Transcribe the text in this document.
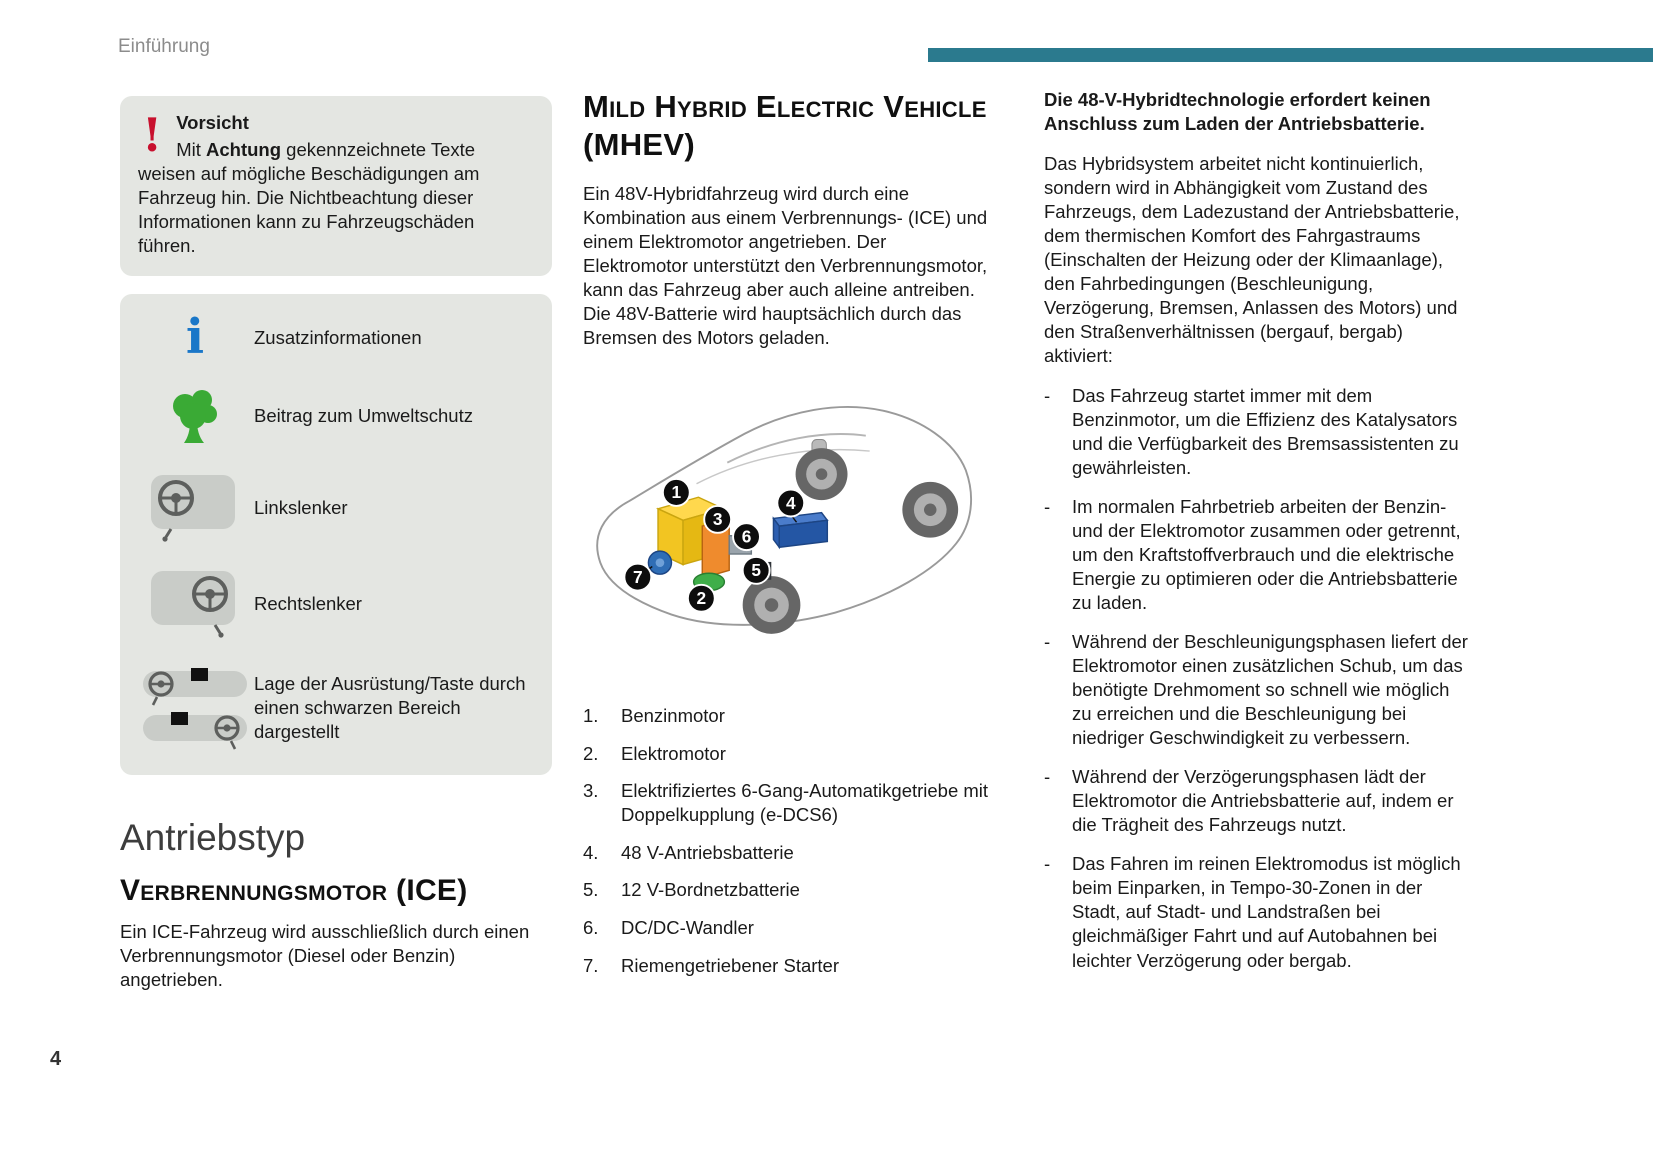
Einführung
!
Vorsicht

Mit Achtung gekennzeichnete Texte weisen auf mögliche Beschädigungen am Fahrzeug hin. Die Nichtbeachtung dieser Informationen kann zu Fahrzeugschäden führen.

i
Zusatzinformationen
Beitrag zum Umweltschutz
Linkslenker
Rechtslenker
Lage der Ausrüstung/Taste durch einen schwarzen Bereich dargestellt
Antriebstyp
Verbrennungsmotor (ICE)

Ein ICE-Fahrzeug wird ausschließlich durch einen Verbrennungsmotor (Diesel oder Benzin) angetrieben.

Mild Hybrid Electric Vehicle (MHEV)

Ein 48V-Hybridfahrzeug wird durch eine Kombination aus einem Verbrennungs- (ICE) und einem Elektromotor angetrieben. Der Elektromotor unterstützt den Verbrennungsmotor, kann das Fahrzeug aber auch alleine antreiben.

Die 48V-Batterie wird hauptsächlich durch das Bremsen des Motors geladen.

1
3
6
4
5
7
2
1.	Benzinmotor
2.	Elektromotor
3.	Elektrifiziertes 6-Gang-Automatikgetriebe mit Doppelkupplung (e-DCS6)
4.	48 V-Antriebsbatterie
5.	12 V-Bordnetzbatterie
6.	DC/DC-Wandler
7.	Riemengetriebener Starter

Die 48-V-Hybridtechnologie erfordert keinen Anschluss zum Laden der Antriebsbatterie.

Das Hybridsystem arbeitet nicht kontinuierlich, sondern wird in Abhängigkeit vom Zustand des Fahrzeugs, dem Ladezustand der Antriebsbatterie, dem thermischen Komfort des Fahrgastraums (Einschalten der Heizung oder der Klimaanlage), den Fahrbedingungen (Beschleunigung, Verzögerung, Bremsen, Anlassen des Motors) und den Straßenverhältnissen (bergauf, bergab) aktiviert:

-
Das Fahrzeug startet immer mit dem Benzinmotor, um die Effizienz des Katalysators und die Verfügbarkeit des Bremsassistenten zu gewährleisten.
-
Im normalen Fahrbetrieb arbeiten der Benzin- und der Elektromotor zusammen oder getrennt, um den Kraftstoffverbrauch und die elektrische Energie zu optimieren oder die Antriebsbatterie zu laden.
-
Während der Beschleunigungsphasen liefert der Elektromotor einen zusätzlichen Schub, um das benötigte Drehmoment so schnell wie möglich zu erreichen und die Beschleunigung bei niedriger Geschwindigkeit zu verbessern.
-
Während der Verzögerungsphasen lädt der Elektromotor die Antriebsbatterie auf, indem er die Trägheit des Fahrzeugs nutzt.
-
Das Fahren im reinen Elektromodus ist möglich beim Einparken, in Tempo-30-Zonen in der Stadt, auf Stadt- und Landstraßen bei gleichmäßiger Fahrt und auf Autobahnen bei leichter Verzögerung oder bergab.
4
